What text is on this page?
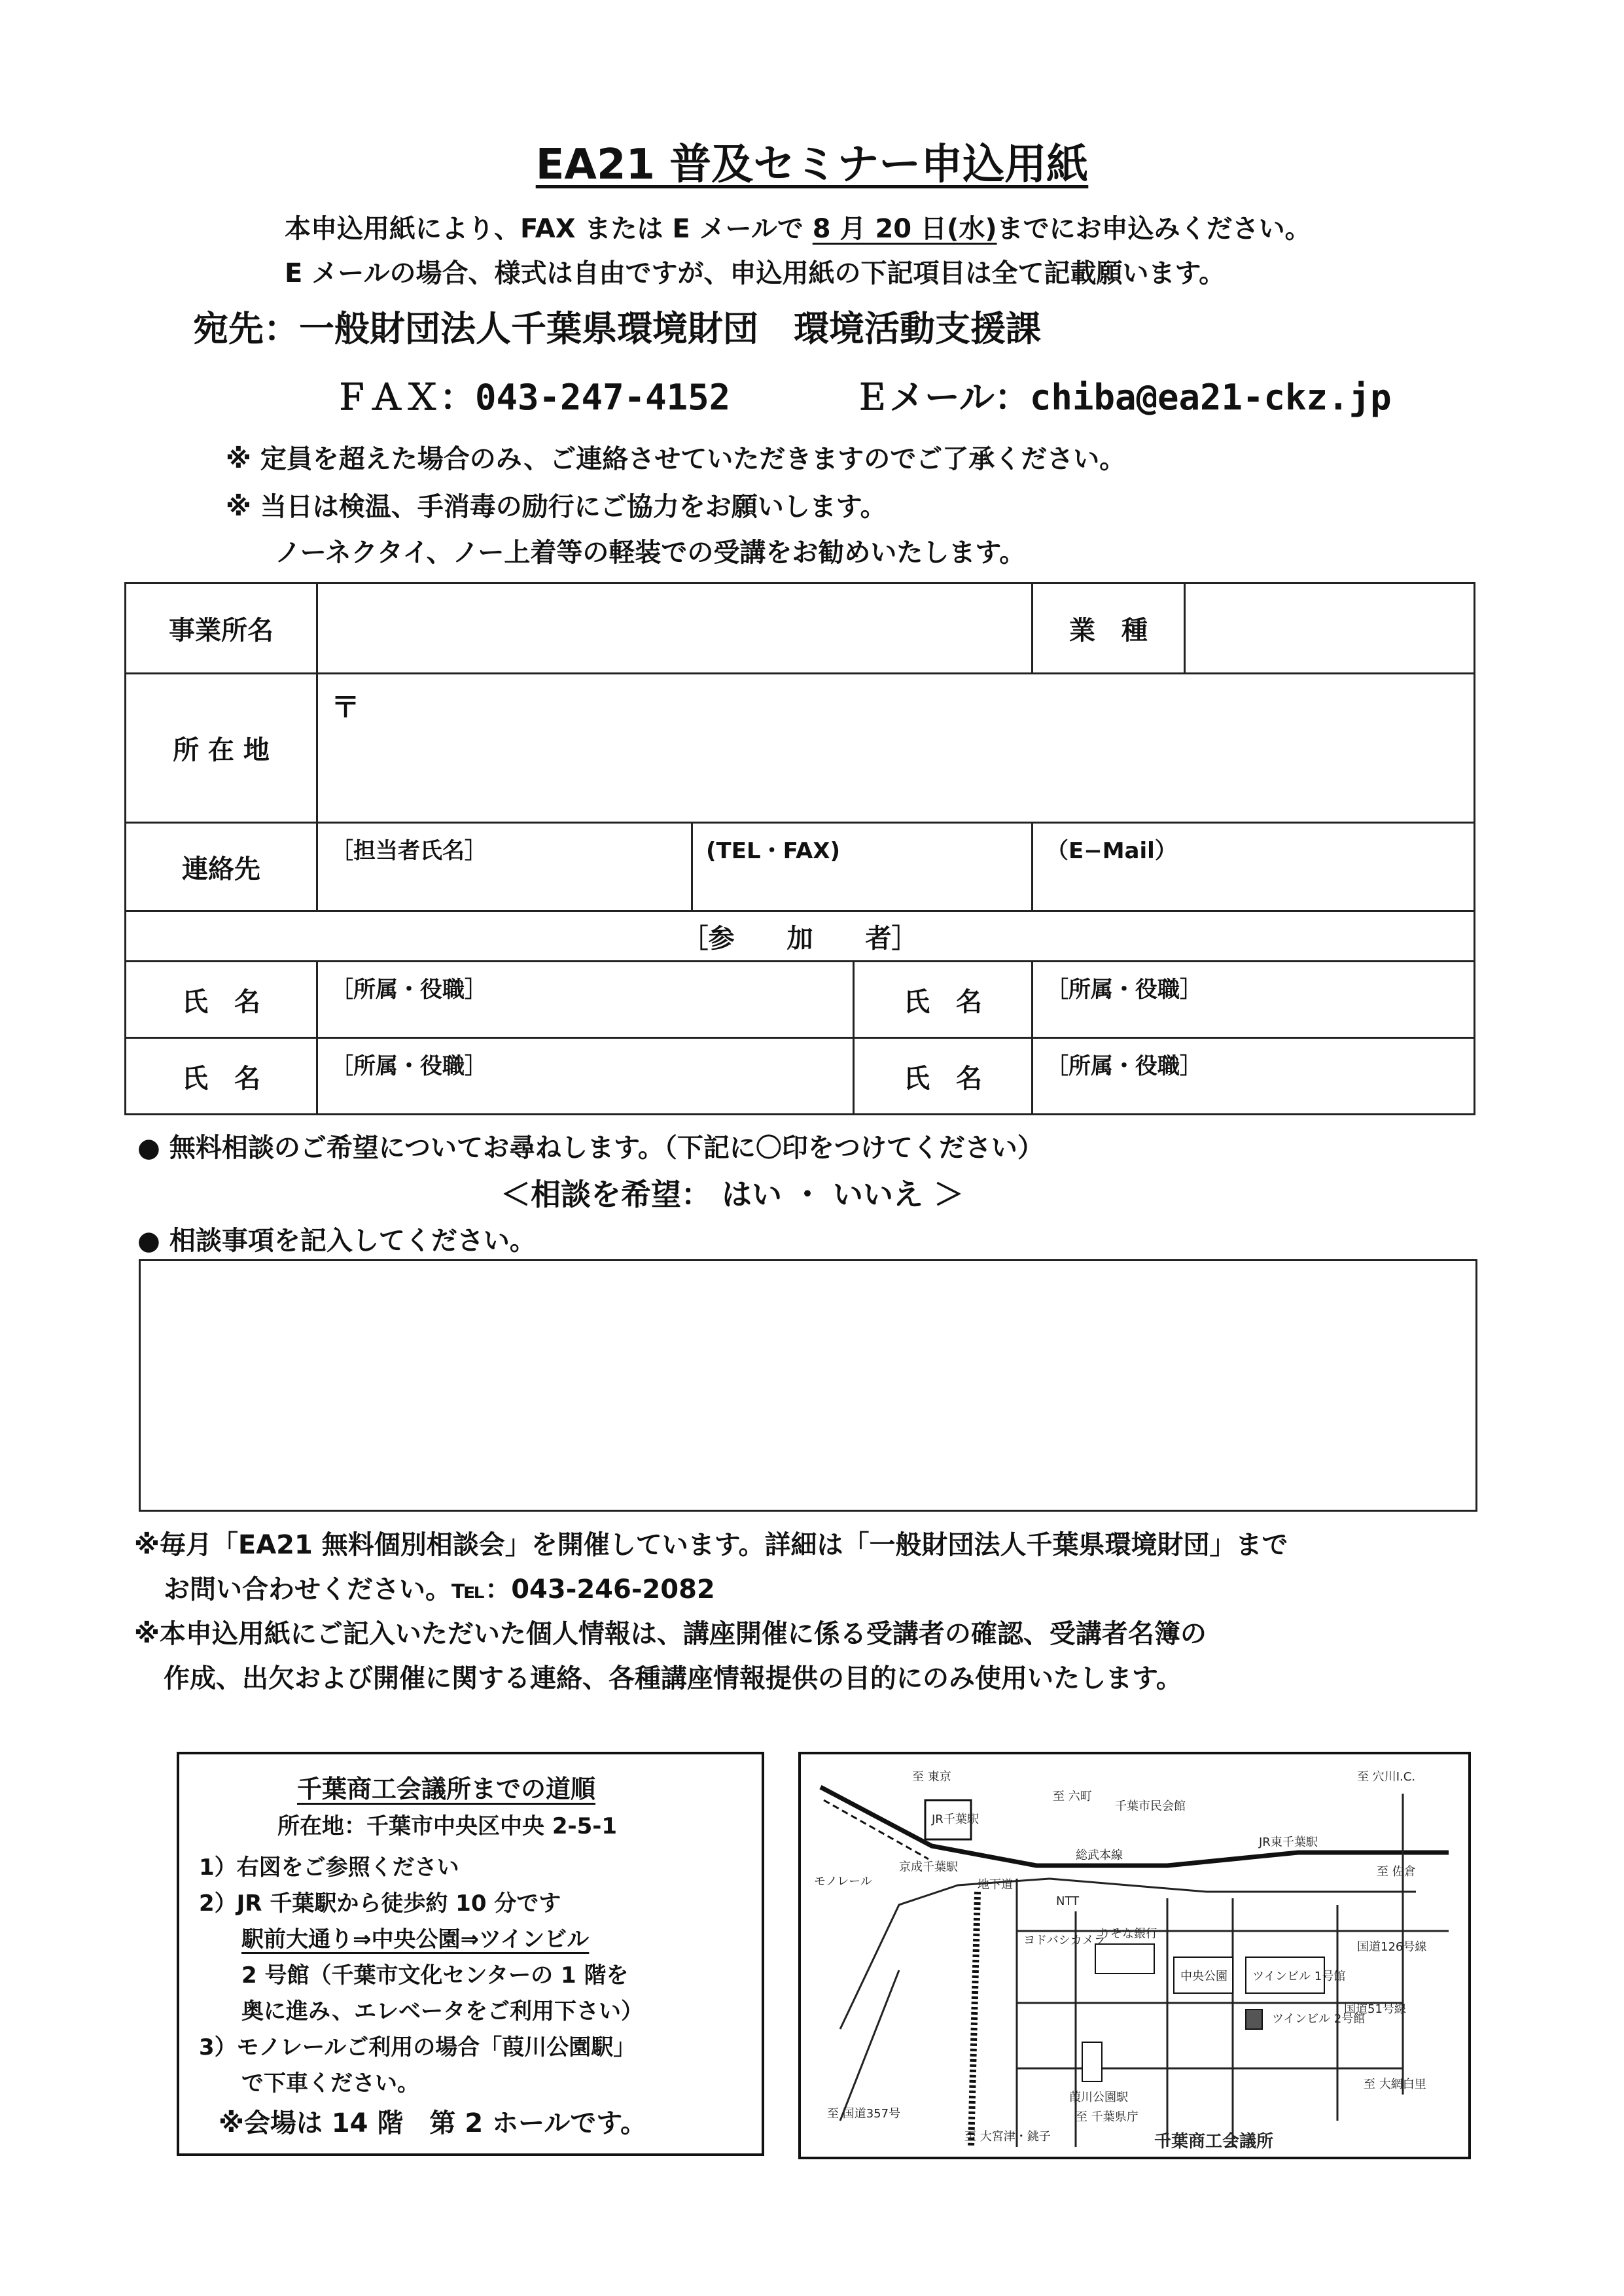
EA21 普及セミナー申込用紙
本申込用紙により、FAX または E メールで 8 月 20 日(水)までにお申込みください。
E メールの場合、様式は自由ですが、申込用紙の下記項目は全て記載願います。
宛先：一般財団法人千葉県環境財団　環境活動支援課
ＦＡＸ：043-247-4152	Ｅメール：chiba@ea21-ckz.jp
※ 定員を超えた場合のみ、ご連絡させていただきますのでご了承ください。
※ 当日は検温、手消毒の励行にご協力をお願いします。
ノーネクタイ、ノー上着等の軽装での受講をお勧めいたします。
事業所名				業　種	
所 在 地	〒				
連絡先	［担当者氏名］	(TEL・FAX)		（E−Mail）	
［参　　加　　者］					
氏　名	［所属・役職］		氏　名	［所属・役職］	
氏　名	［所属・役職］		氏　名	［所属・役職］	
● 無料相談のご希望についてお尋ねします。（下記に〇印をつけてください）
＜相談を希望： はい ・ いいえ ＞
● 相談事項を記入してください。
※毎月「EA21 無料個別相談会」を開催しています。詳細は「一般財団法人千葉県環境財団」まで
お問い合わせください。℡：043-246-2082
※本申込用紙にご記入いただいた個人情報は、講座開催に係る受講者の確認、受講者名簿の
作成、出欠および開催に関する連絡、各種講座情報提供の目的にのみ使用いたします。
千葉商工会議所までの道順
所在地：千葉市中央区中央 2-5-1
1）右図をご参照ください
2）JR 千葉駅から徒歩約 10 分です
駅前大通り⇒中央公園⇒ツインビル
2 号館（千葉市文化センターの 1 階を
奥に進み、エレベータをご利用下さい）
3）モノレールご利用の場合「葭川公園駅」
で下車ください。
※会場は 14 階　第 2 ホールです。
至 東京
JR千葉駅
至 六町
千葉市民会館
至 穴川I.C.
総武本線
JR東千葉駅
至 佐倉
京成千葉駅
モノレール	地下道
NTT
りそな銀行
ヨドバシカメラ
中央公園 ツインビル 1号館
ツインビル 2号館
国道51号線
国道126号線
至 国道357号
至 大宮津・銚子
至 大網白里
葭川公園駅
至 千葉県庁
千葉商工会議所
